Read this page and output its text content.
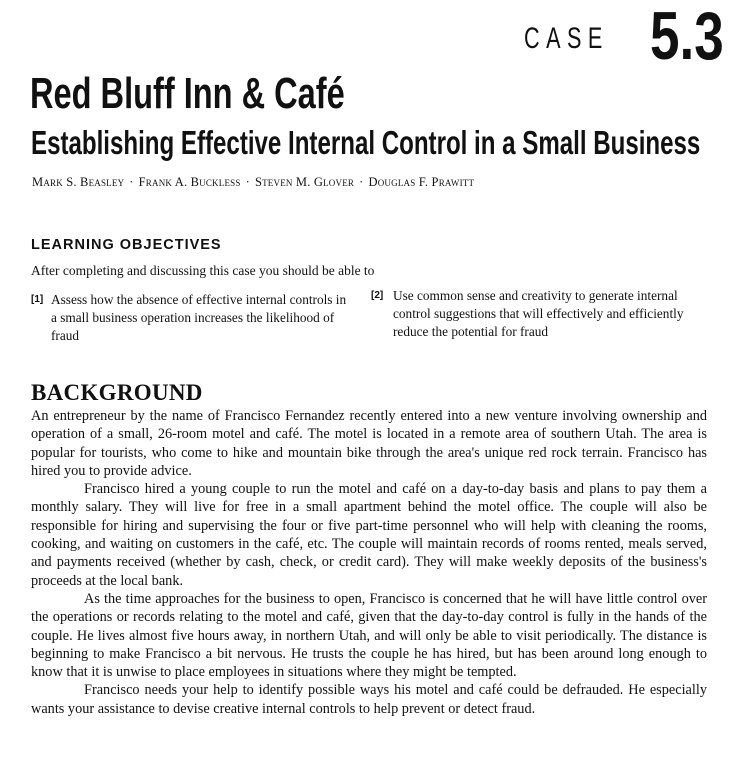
CASE 5.3
Red Bluff Inn & Café
Establishing Effective Internal Control in a Small Business
Mark S. Beasley · Frank A. Buckless · Steven M. Glover · Douglas F. Prawitt
LEARNING OBJECTIVES
After completing and discussing this case you should be able to
[1] Assess how the absence of effective internal controls in a small business operation increases the likelihood of fraud
[2] Use common sense and creativity to generate internal control suggestions that will effectively and efficiently reduce the potential for fraud
BACKGROUND

An entrepreneur by the name of Francisco Fernandez recently entered into a new venture involving ownership and operation of a small, 26-room motel and café. The motel is located in a remote area of southern Utah. The area is popular for tourists, who come to hike and mountain bike through the area's unique red rock terrain. Francisco has hired you to provide advice.

Francisco hired a young couple to run the motel and café on a day-to-day basis and plans to pay them a monthly salary. They will live for free in a small apartment behind the motel office. The couple will also be responsible for hiring and supervising the four or five part-time personnel who will help with cleaning the rooms, cooking, and waiting on customers in the café, etc. The couple will maintain records of rooms rented, meals served, and payments received (whether by cash, check, or credit card). They will make weekly deposits of the business's proceeds at the local bank.

As the time approaches for the business to open, Francisco is concerned that he will have little control over the operations or records relating to the motel and café, given that the day-to-day control is fully in the hands of the couple. He lives almost five hours away, in northern Utah, and will only be able to visit periodically. The distance is beginning to make Francisco a bit nervous. He trusts the couple he has hired, but has been around long enough to know that it is unwise to place employees in situations where they might be tempted.

Francisco needs your help to identify possible ways his motel and café could be defrauded. He especially wants your assistance to devise creative internal controls to help prevent or detect fraud.
